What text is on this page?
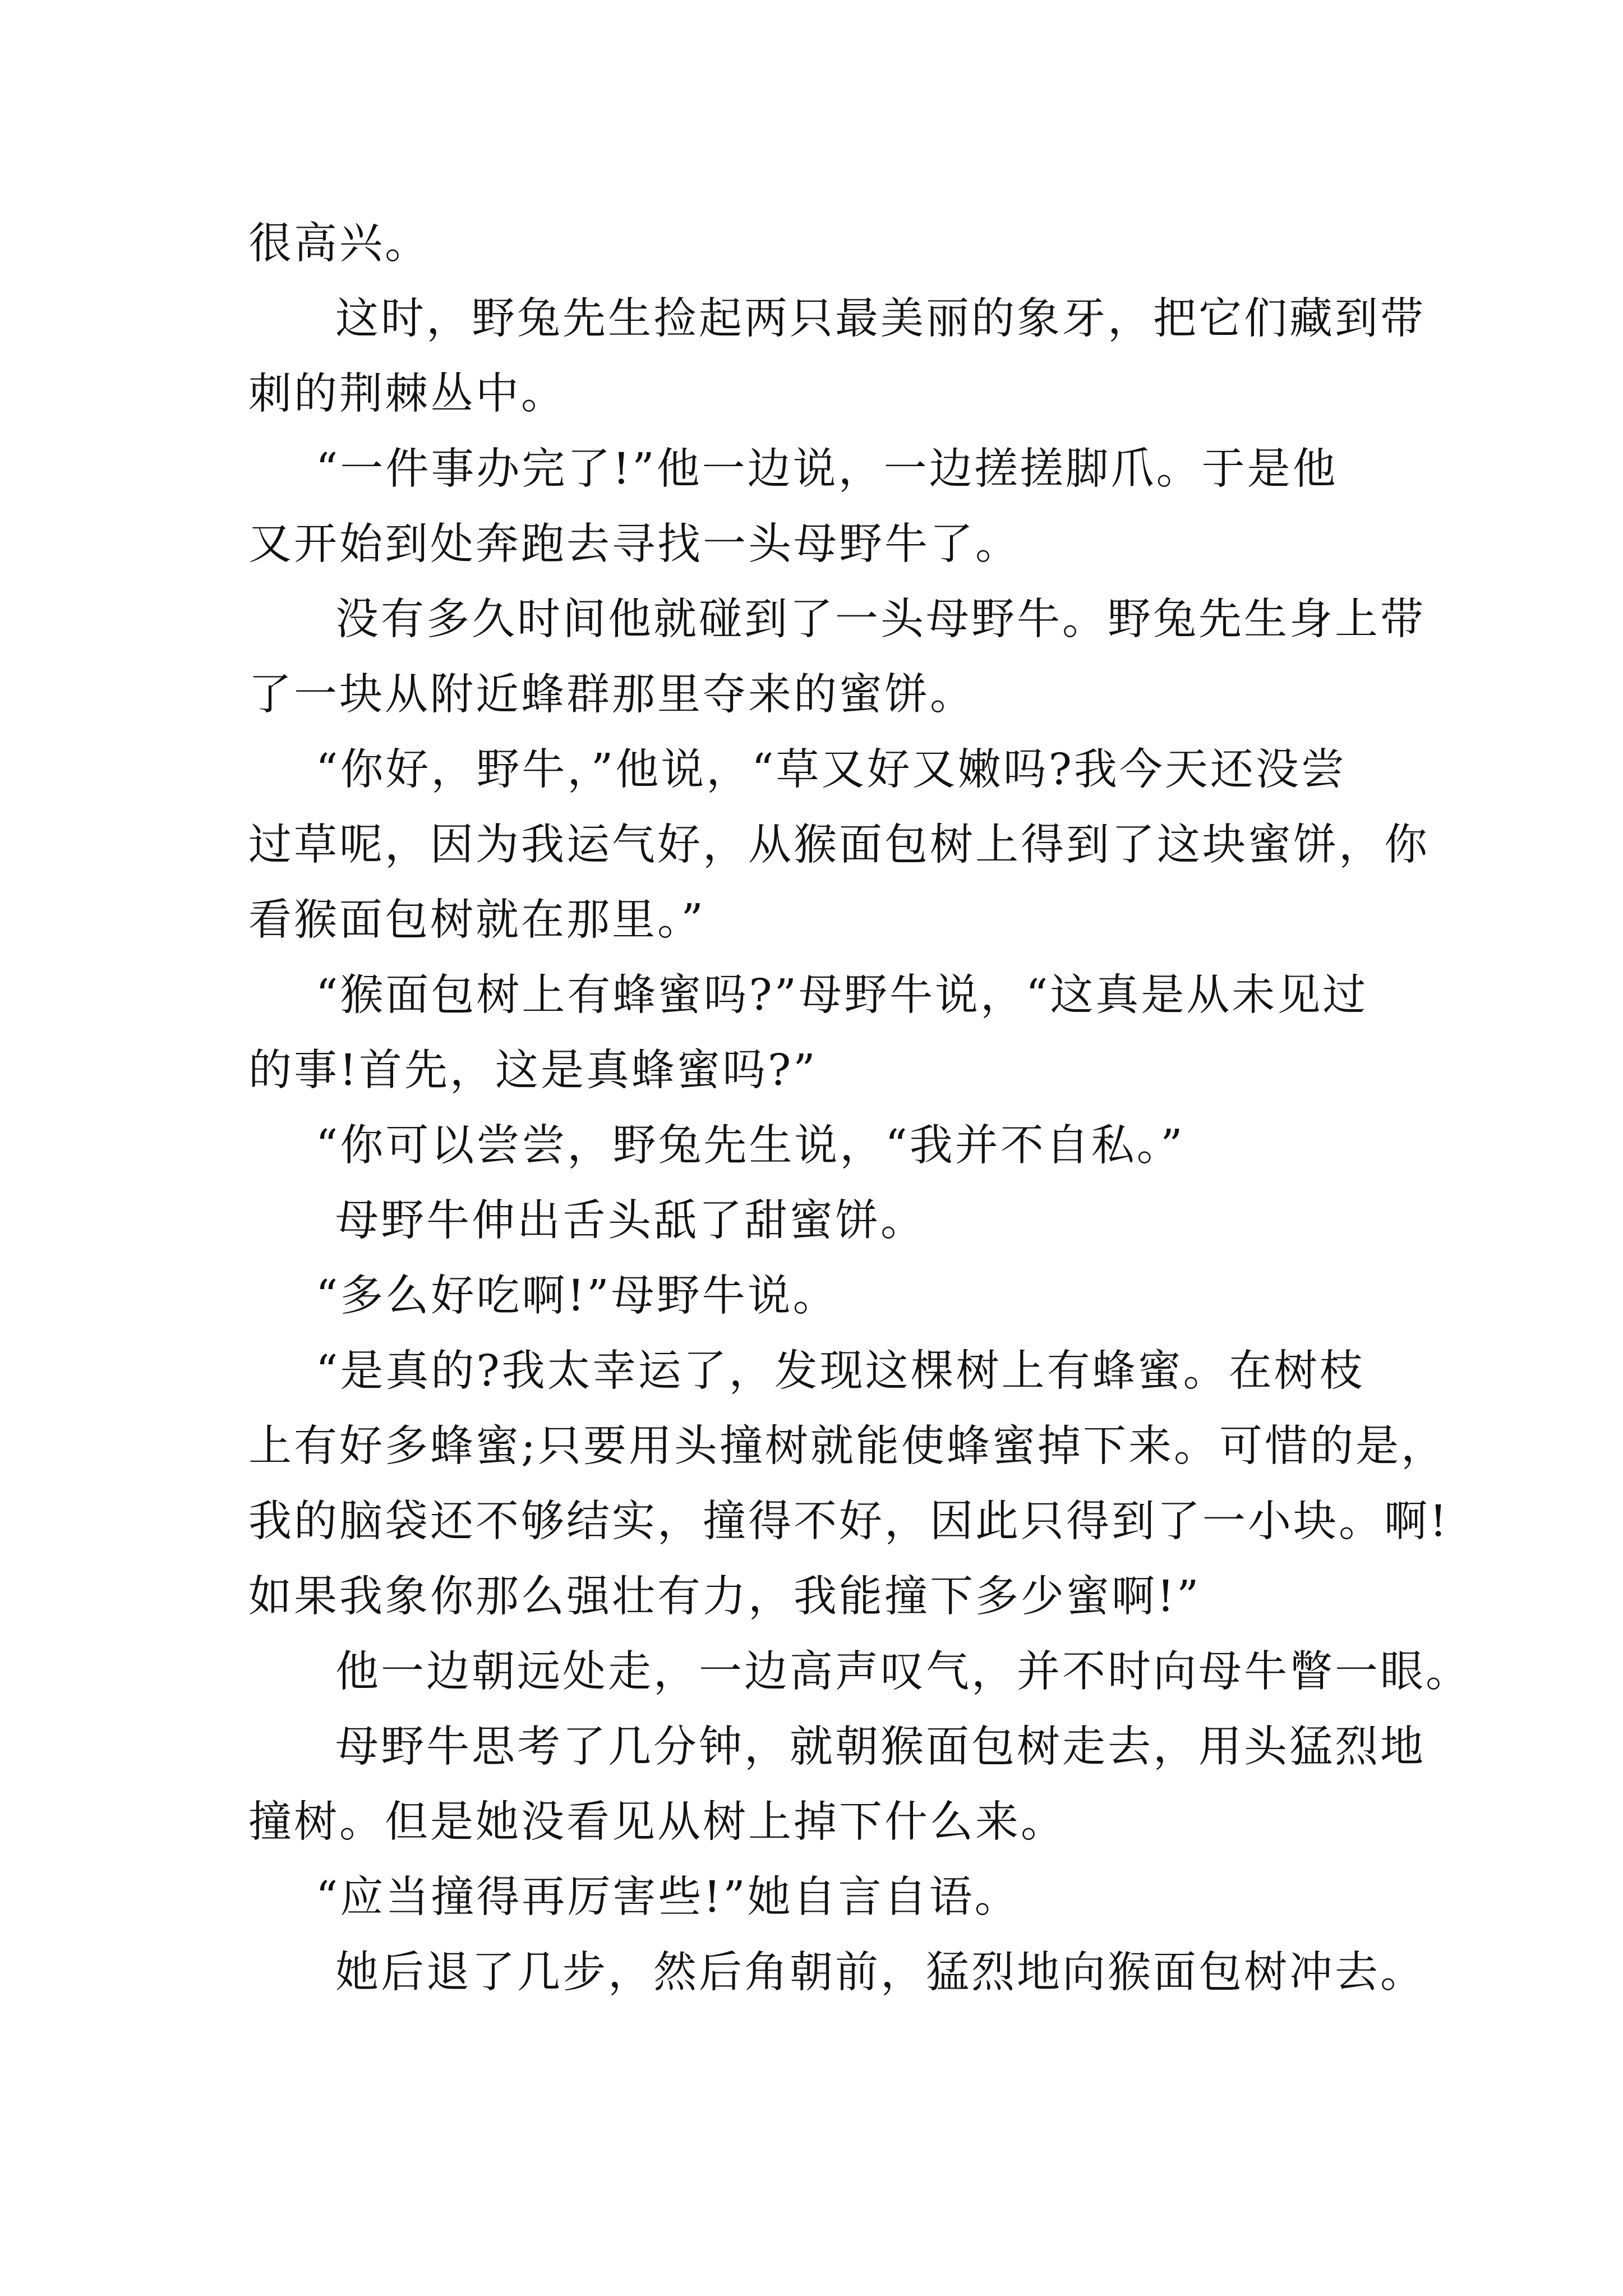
很高兴。
这时，野兔先生捡起两只最美丽的象牙，把它们藏到带
刺的荆棘丛中。
“一件事办完了!”他一边说，一边搓搓脚爪。于是他
又开始到处奔跑去寻找一头母野牛了。
没有多久时间他就碰到了一头母野牛。野兔先生身上带
了一块从附近蜂群那里夺来的蜜饼。
“你好，野牛，”他说，“草又好又嫩吗?我今天还没尝
过草呢，因为我运气好，从猴面包树上得到了这块蜜饼，你
看猴面包树就在那里。”
“猴面包树上有蜂蜜吗?”母野牛说，“这真是从未见过
的事!首先，这是真蜂蜜吗?”
“你可以尝尝，野兔先生说，“我并不自私。”
母野牛伸出舌头舐了甜蜜饼。
“多么好吃啊!”母野牛说。
“是真的?我太幸运了，发现这棵树上有蜂蜜。在树枝
上有好多蜂蜜;只要用头撞树就能使蜂蜜掉下来。可惜的是，
我的脑袋还不够结实，撞得不好，因此只得到了一小块。啊!
如果我象你那么强壮有力，我能撞下多少蜜啊!”
他一边朝远处走，一边高声叹气，并不时向母牛瞥一眼。
母野牛思考了几分钟，就朝猴面包树走去，用头猛烈地
撞树。但是她没看见从树上掉下什么来。
“应当撞得再厉害些!”她自言自语。
她后退了几步，然后角朝前，猛烈地向猴面包树冲去。
